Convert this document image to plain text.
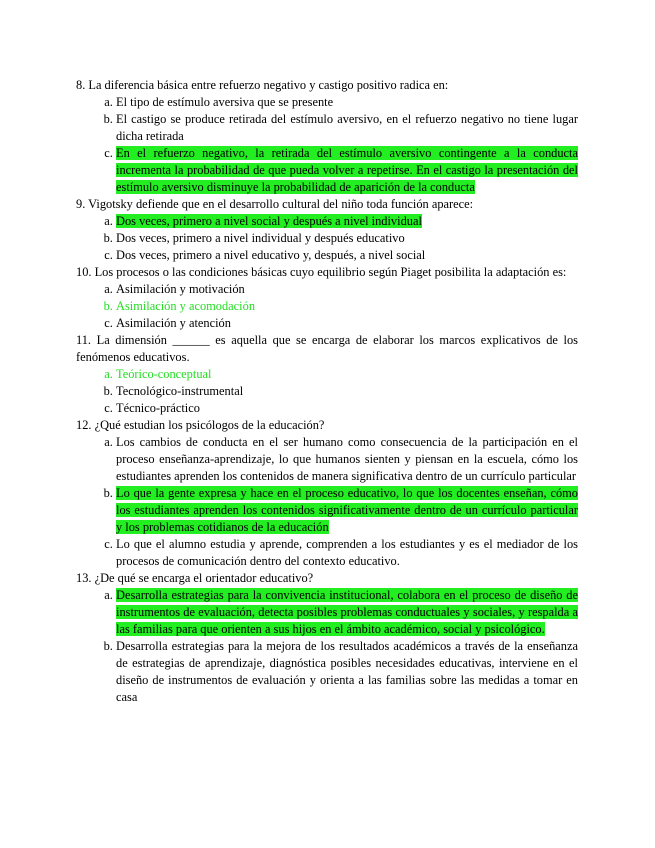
8. La diferencia básica entre refuerzo negativo y castigo positivo radica en:
a. El tipo de estímulo aversiva que se presente
b. El castigo se produce retirada del estímulo aversivo, en el refuerzo negativo no tiene lugar dicha retirada
c. En el refuerzo negativo, la retirada del estímulo aversivo contingente a la conducta incrementa la probabilidad de que pueda volver a repetirse. En el castigo la presentación del estímulo aversivo disminuye la probabilidad de aparición de la conducta
9. Vigotsky defiende que en el desarrollo cultural del niño toda función aparece:
a. Dos veces, primero a nivel social y después a nivel individual
b. Dos veces, primero a nivel individual y después educativo
c. Dos veces, primero a nivel educativo y, después, a nivel social
10. Los procesos o las condiciones básicas cuyo equilibrio según Piaget posibilita la adaptación es:
a. Asimilación y motivación
b. Asimilación y acomodación
c. Asimilación y atención
11. La dimensión ______ es aquella que se encarga de elaborar los marcos explicativos de los fenómenos educativos.
a. Teórico-conceptual
b. Tecnológico-instrumental
c. Técnico-práctico
12. ¿Qué estudian los psicólogos de la educación?
a. Los cambios de conducta en el ser humano como consecuencia de la participación en el proceso enseñanza-aprendizaje, lo que humanos sienten y piensan en la escuela, cómo los estudiantes aprenden los contenidos de manera significativa dentro de un currículo particular
b. Lo que la gente expresa y hace en el proceso educativo, lo que los docentes enseñan, cómo los estudiantes aprenden los contenidos significativamente dentro de un currículo particular y los problemas cotidianos de la educación
c. Lo que el alumno estudia y aprende, comprenden a los estudiantes y es el mediador de los procesos de comunicación dentro del contexto educativo.
13. ¿De qué se encarga el orientador educativo?
a. Desarrolla estrategias para la convivencia institucional, colabora en el proceso de diseño de instrumentos de evaluación, detecta posibles problemas conductuales y sociales, y respalda a las familias para que orienten a sus hijos en el ámbito académico, social y psicológico.
b. Desarrolla estrategias para la mejora de los resultados académicos a través de la enseñanza de estrategias de aprendizaje, diagnóstica posibles necesidades educativas, interviene en el diseño de instrumentos de evaluación y orienta a las familias sobre las medidas a tomar en casa
